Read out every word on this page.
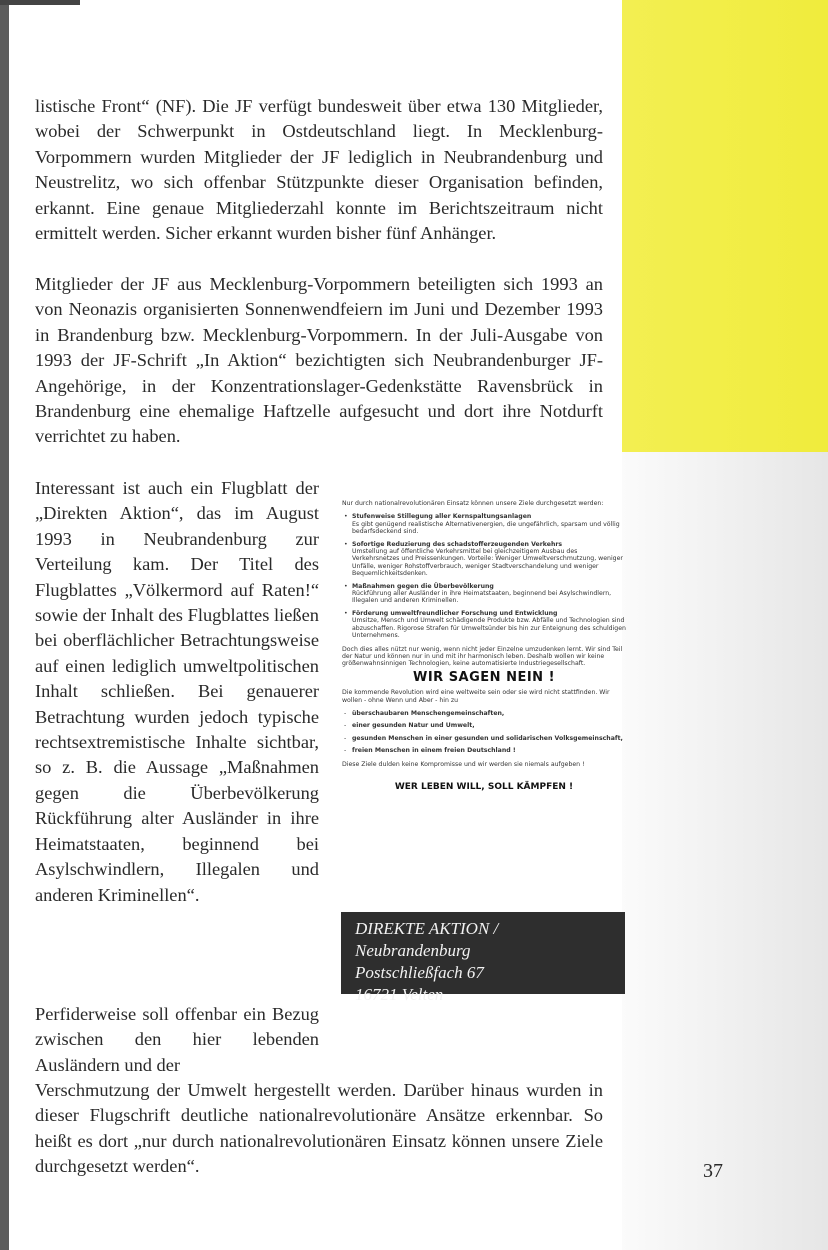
listische Front“ (NF). Die JF verfügt bundesweit über etwa 130 Mitglieder, wobei der Schwerpunkt in Ostdeutschland liegt. In Mecklenburg-Vorpommern wurden Mitglieder der JF lediglich in Neubrandenburg und Neustrelitz, wo sich offenbar Stützpunkte dieser Organisation befinden, erkannt. Eine genaue Mitgliederzahl konnte im Berichtszeitraum nicht ermittelt werden. Sicher erkannt wurden bisher fünf Anhänger.

Mitglieder der JF aus Mecklenburg-Vorpommern beteiligten sich 1993 an von Neonazis organisierten Sonnenwendfeiern im Juni und Dezember 1993 in Brandenburg bzw. Mecklenburg-Vorpommern. In der Juli-Ausgabe von 1993 der JF-Schrift „In Aktion“ bezichtigten sich Neubrandenburger JF-Angehörige, in der Konzentrationslager-Gedenkstätte Ravensbrück in Brandenburg eine ehemalige Haftzelle aufgesucht und dort ihre Notdurft verrichtet zu haben.

Interessant ist auch ein Flugblatt der „Direkten Aktion“, das im August 1993 in Neubrandenburg zur Verteilung kam. Der Titel des Flugblattes „Völkermord auf Raten!“ sowie der Inhalt des Flugblattes ließen bei oberflächlicher Betrachtungsweise auf einen lediglich umweltpolitischen Inhalt schließen. Bei genauerer Betrachtung wurden jedoch typische rechtsextremistische Inhalte sichtbar, so z. B. die Aussage „Maßnahmen gegen die Überbevölkerung Rückführung alter Ausländer in ihre Heimatstaaten, beginnend bei Asylschwindlern, Illegalen und anderen Kriminellen“.

Perfiderweise soll offenbar ein Bezug zwischen den hier lebenden Ausländern und der

Verschmutzung der Umwelt hergestellt werden. Darüber hinaus wurden in dieser Flugschrift deutliche nationalrevolutionäre Ansätze erkennbar. So heißt es dort „nur durch nationalrevolutionären Einsatz können unsere Ziele durchgesetzt werden“.	37

Nur durch nationalrevolutionären Einsatz können unsere Ziele durchgesetzt werden:

• Stufenweise Stillegung aller Kernspaltungsanlagen
Es gibt genügend realistische Alternativenergien, die ungefährlich, sparsam und völlig bedarfsdeckend sind.
• Sofortige Reduzierung des schadstofferzeugenden Verkehrs
Umstellung auf öffentliche Verkehrsmittel bei gleichzeitigem Ausbau des Verkehrsnetzes und Preissenkungen. Vorteile: Weniger Umweltverschmutzung, weniger Unfälle, weniger Rohstoffverbrauch, weniger Stadtverschandelung und weniger Bequemlichkeitsdenken.
• Maßnahmen gegen die Überbevölkerung
Rückführung aller Ausländer in ihre Heimatstaaten, beginnend bei Asylschwindlern, Illegalen und anderen Kriminellen.
• Förderung umweltfreundlicher Forschung und Entwicklung
Umsitze, Mensch und Umwelt schädigende Produkte bzw. Abfälle und Technologien sind abzuschaffen. Rigorose Strafen für Umweltsünder bis hin zur Enteignung des schuldigen Unternehmens.

Doch dies alles nützt nur wenig, wenn nicht jeder Einzelne umzudenken lernt. Wir sind Teil der Natur und können nur in und mit ihr harmonisch leben. Deshalb wollen wir keine größenwahnsinnigen Technologien, keine automatisierte Industriegesellschaft.

WIR SAGEN NEIN !

Die kommende Revolution wird eine weltweite sein oder sie wird nicht stattfinden. Wir wollen - ohne Wenn und Aber - hin zu

- überschaubaren Menschengemeinschaften,
- einer gesunden Natur und Umwelt,
- gesunden Menschen in einer gesunden und solidarischen Volksgemeinschaft,
- freien Menschen in einem freien Deutschland !

Diese Ziele dulden keine Kompromisse und wir werden sie niemals aufgeben !

WER LEBEN WILL, SOLL KÄMPFEN !
DIREKTE AKTION / Neubrandenburg
Postschließfach 67
16721 Velten
